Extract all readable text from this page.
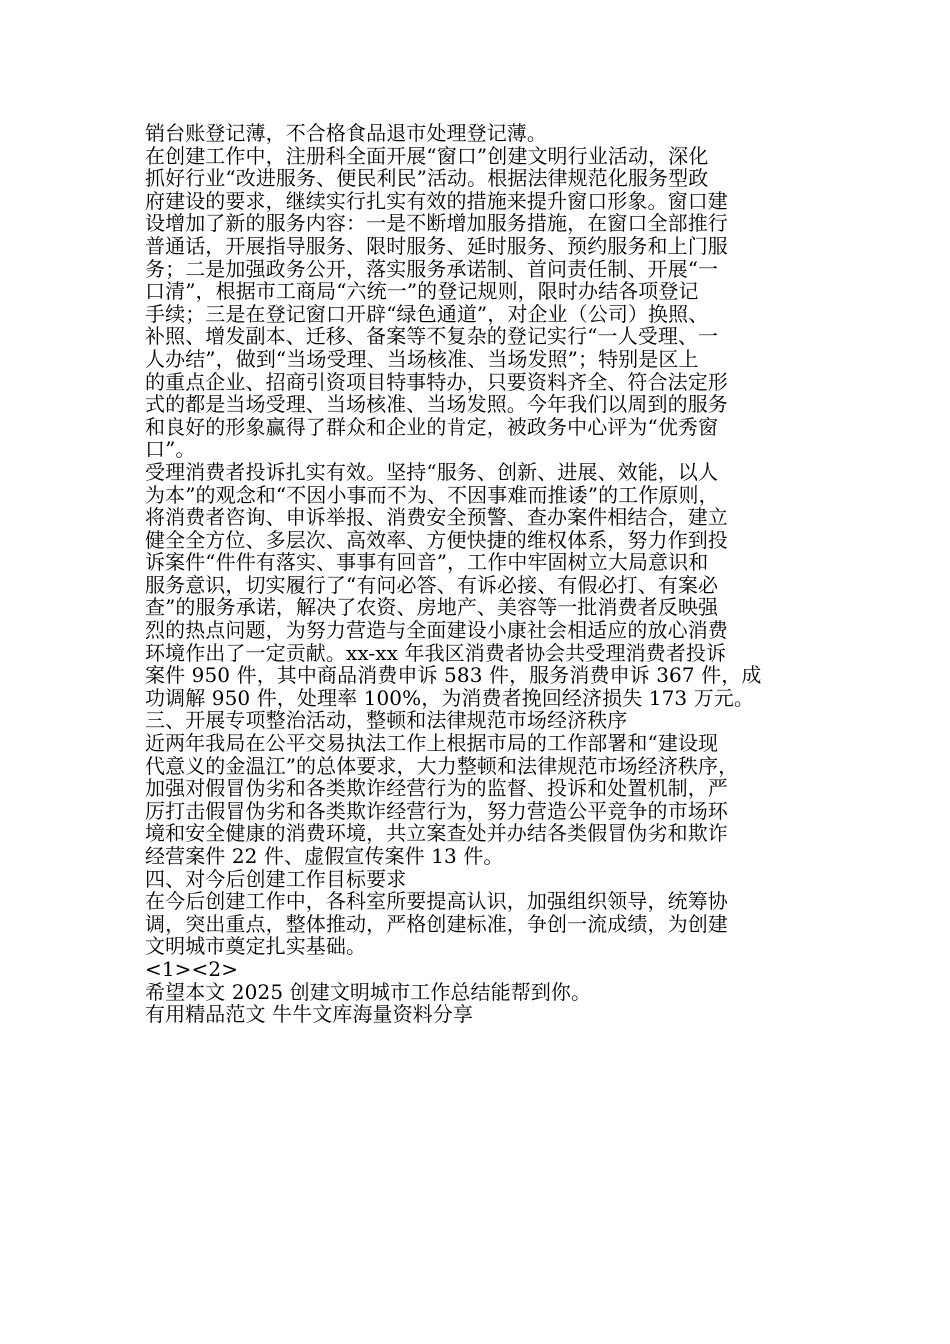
销台账登记薄，不合格食品退市处理登记薄。
在创建工作中，注册科全面开展“窗口”创建文明行业活动，深化
抓好行业“改进服务、便民利民”活动。根据法律规范化服务型政
府建设的要求，继续实行扎实有效的措施来提升窗口形象。窗口建
设增加了新的服务内容：一是不断增加服务措施，在窗口全部推行
普通话，开展指导服务、限时服务、延时服务、预约服务和上门服
务；二是加强政务公开，落实服务承诺制、首问责任制、开展“一
口清”，根据市工商局“六统一”的登记规则，限时办结各项登记
手续；三是在登记窗口开辟“绿色通道”，对企业（公司）换照、
补照、增发副本、迁移、备案等不复杂的登记实行“一人受理、一
人办结”，做到“当场受理、当场核准、当场发照”；特别是区上
的重点企业、招商引资项目特事特办，只要资料齐全、符合法定形
式的都是当场受理、当场核准、当场发照。今年我们以周到的服务
和良好的形象赢得了群众和企业的肯定，被政务中心评为“优秀窗
口”。
受理消费者投诉扎实有效。坚持“服务、创新、进展、效能，以人
为本”的观念和“不因小事而不为、不因事难而推诿”的工作原则，
将消费者咨询、申诉举报、消费安全预警、查办案件相结合，建立
健全全方位、多层次、高效率、方便快捷的维权体系，努力作到投
诉案件“件件有落实、事事有回音”，工作中牢固树立大局意识和
服务意识，切实履行了“有问必答、有诉必接、有假必打、有案必
查”的服务承诺，解决了农资、房地产、美容等一批消费者反映强
烈的热点问题，为努力营造与全面建设小康社会相适应的放心消费
环境作出了一定贡献。xx-xx 年我区消费者协会共受理消费者投诉
案件 950 件，其中商品消费申诉 583 件，服务消费申诉 367 件，成
功调解 950 件，处理率 100%，为消费者挽回经济损失 173 万元。
三、开展专项整治活动，整顿和法律规范市场经济秩序
近两年我局在公平交易执法工作上根据市局的工作部署和“建设现
代意义的金温江”的总体要求，大力整顿和法律规范市场经济秩序，
加强对假冒伪劣和各类欺诈经营行为的监督、投诉和处置机制，严
厉打击假冒伪劣和各类欺诈经营行为，努力营造公平竞争的市场环
境和安全健康的消费环境，共立案查处并办结各类假冒伪劣和欺诈
经营案件 22 件、虚假宣传案件 13 件。
四、对今后创建工作目标要求
在今后创建工作中，各科室所要提高认识，加强组织领导，统筹协
调，突出重点，整体推动，严格创建标准，争创一流成绩，为创建
文明城市奠定扎实基础。
<1><2>
希望本文 2025 创建文明城市工作总结能帮到你。
有用精品范文 牛牛文库海量资料分享
